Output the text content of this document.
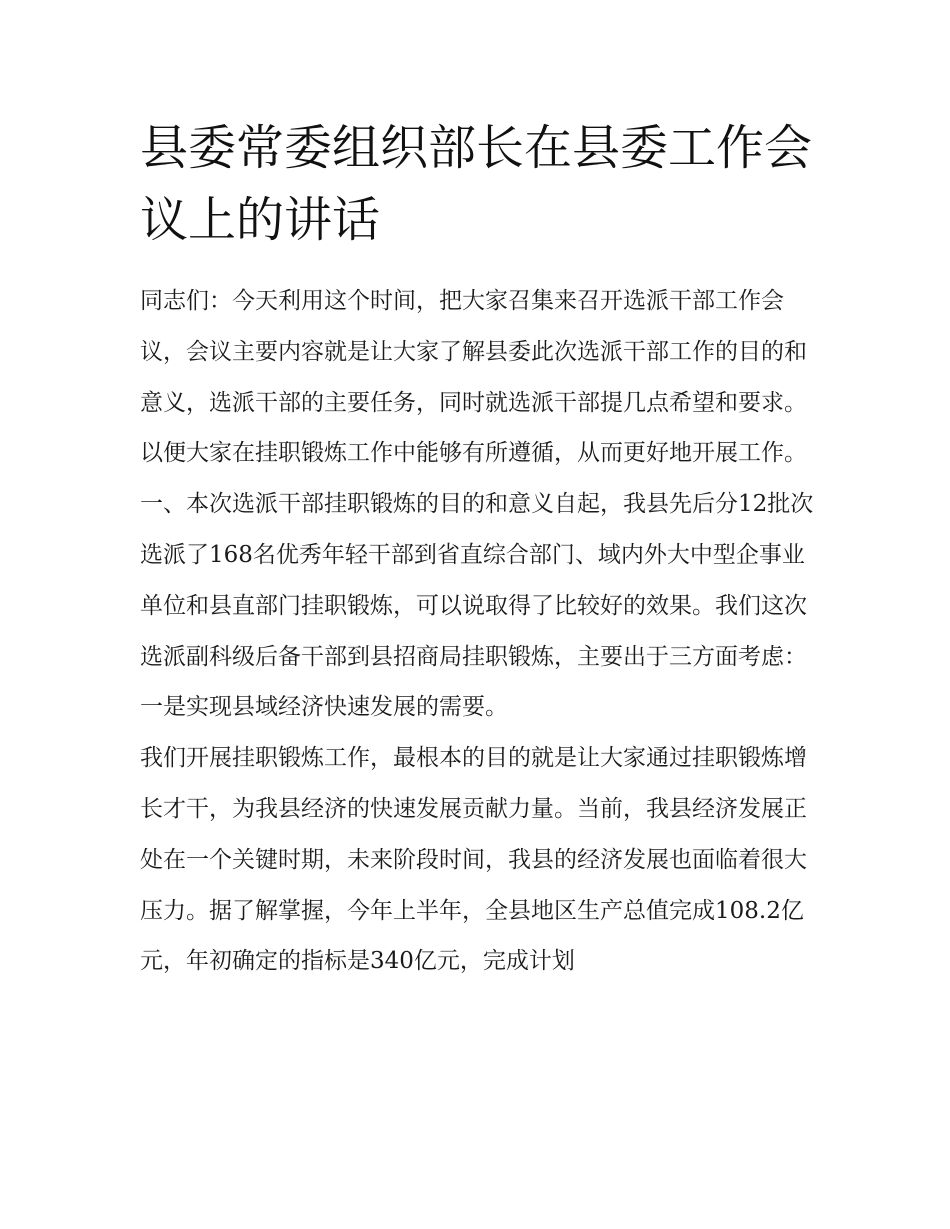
县委常委组织部长在县委工作会议上的讲话

同志们：今天利用这个时间，把大家召集来召开选派干部工作会议，会议主要内容就是让大家了解县委此次选派干部工作的目的和意义，选派干部的主要任务，同时就选派干部提几点希望和要求。以便大家在挂职锻炼工作中能够有所遵循，从而更好地开展工作。

一、本次选派干部挂职锻炼的目的和意义自起，我县先后分12批次选派了168名优秀年轻干部到省直综合部门、域内外大中型企事业单位和县直部门挂职锻炼，可以说取得了比较好的效果。我们这次选派副科级后备干部到县招商局挂职锻炼，主要出于三方面考虑：

一是实现县域经济快速发展的需要。

我们开展挂职锻炼工作，最根本的目的就是让大家通过挂职锻炼增长才干，为我县经济的快速发展贡献力量。当前，我县经济发展正处在一个关键时期，未来阶段时间，我县的经济发展也面临着很大压力。据了解掌握，今年上半年，全县地区生产总值完成108.2亿元，年初确定的指标是340亿元，完成计划
